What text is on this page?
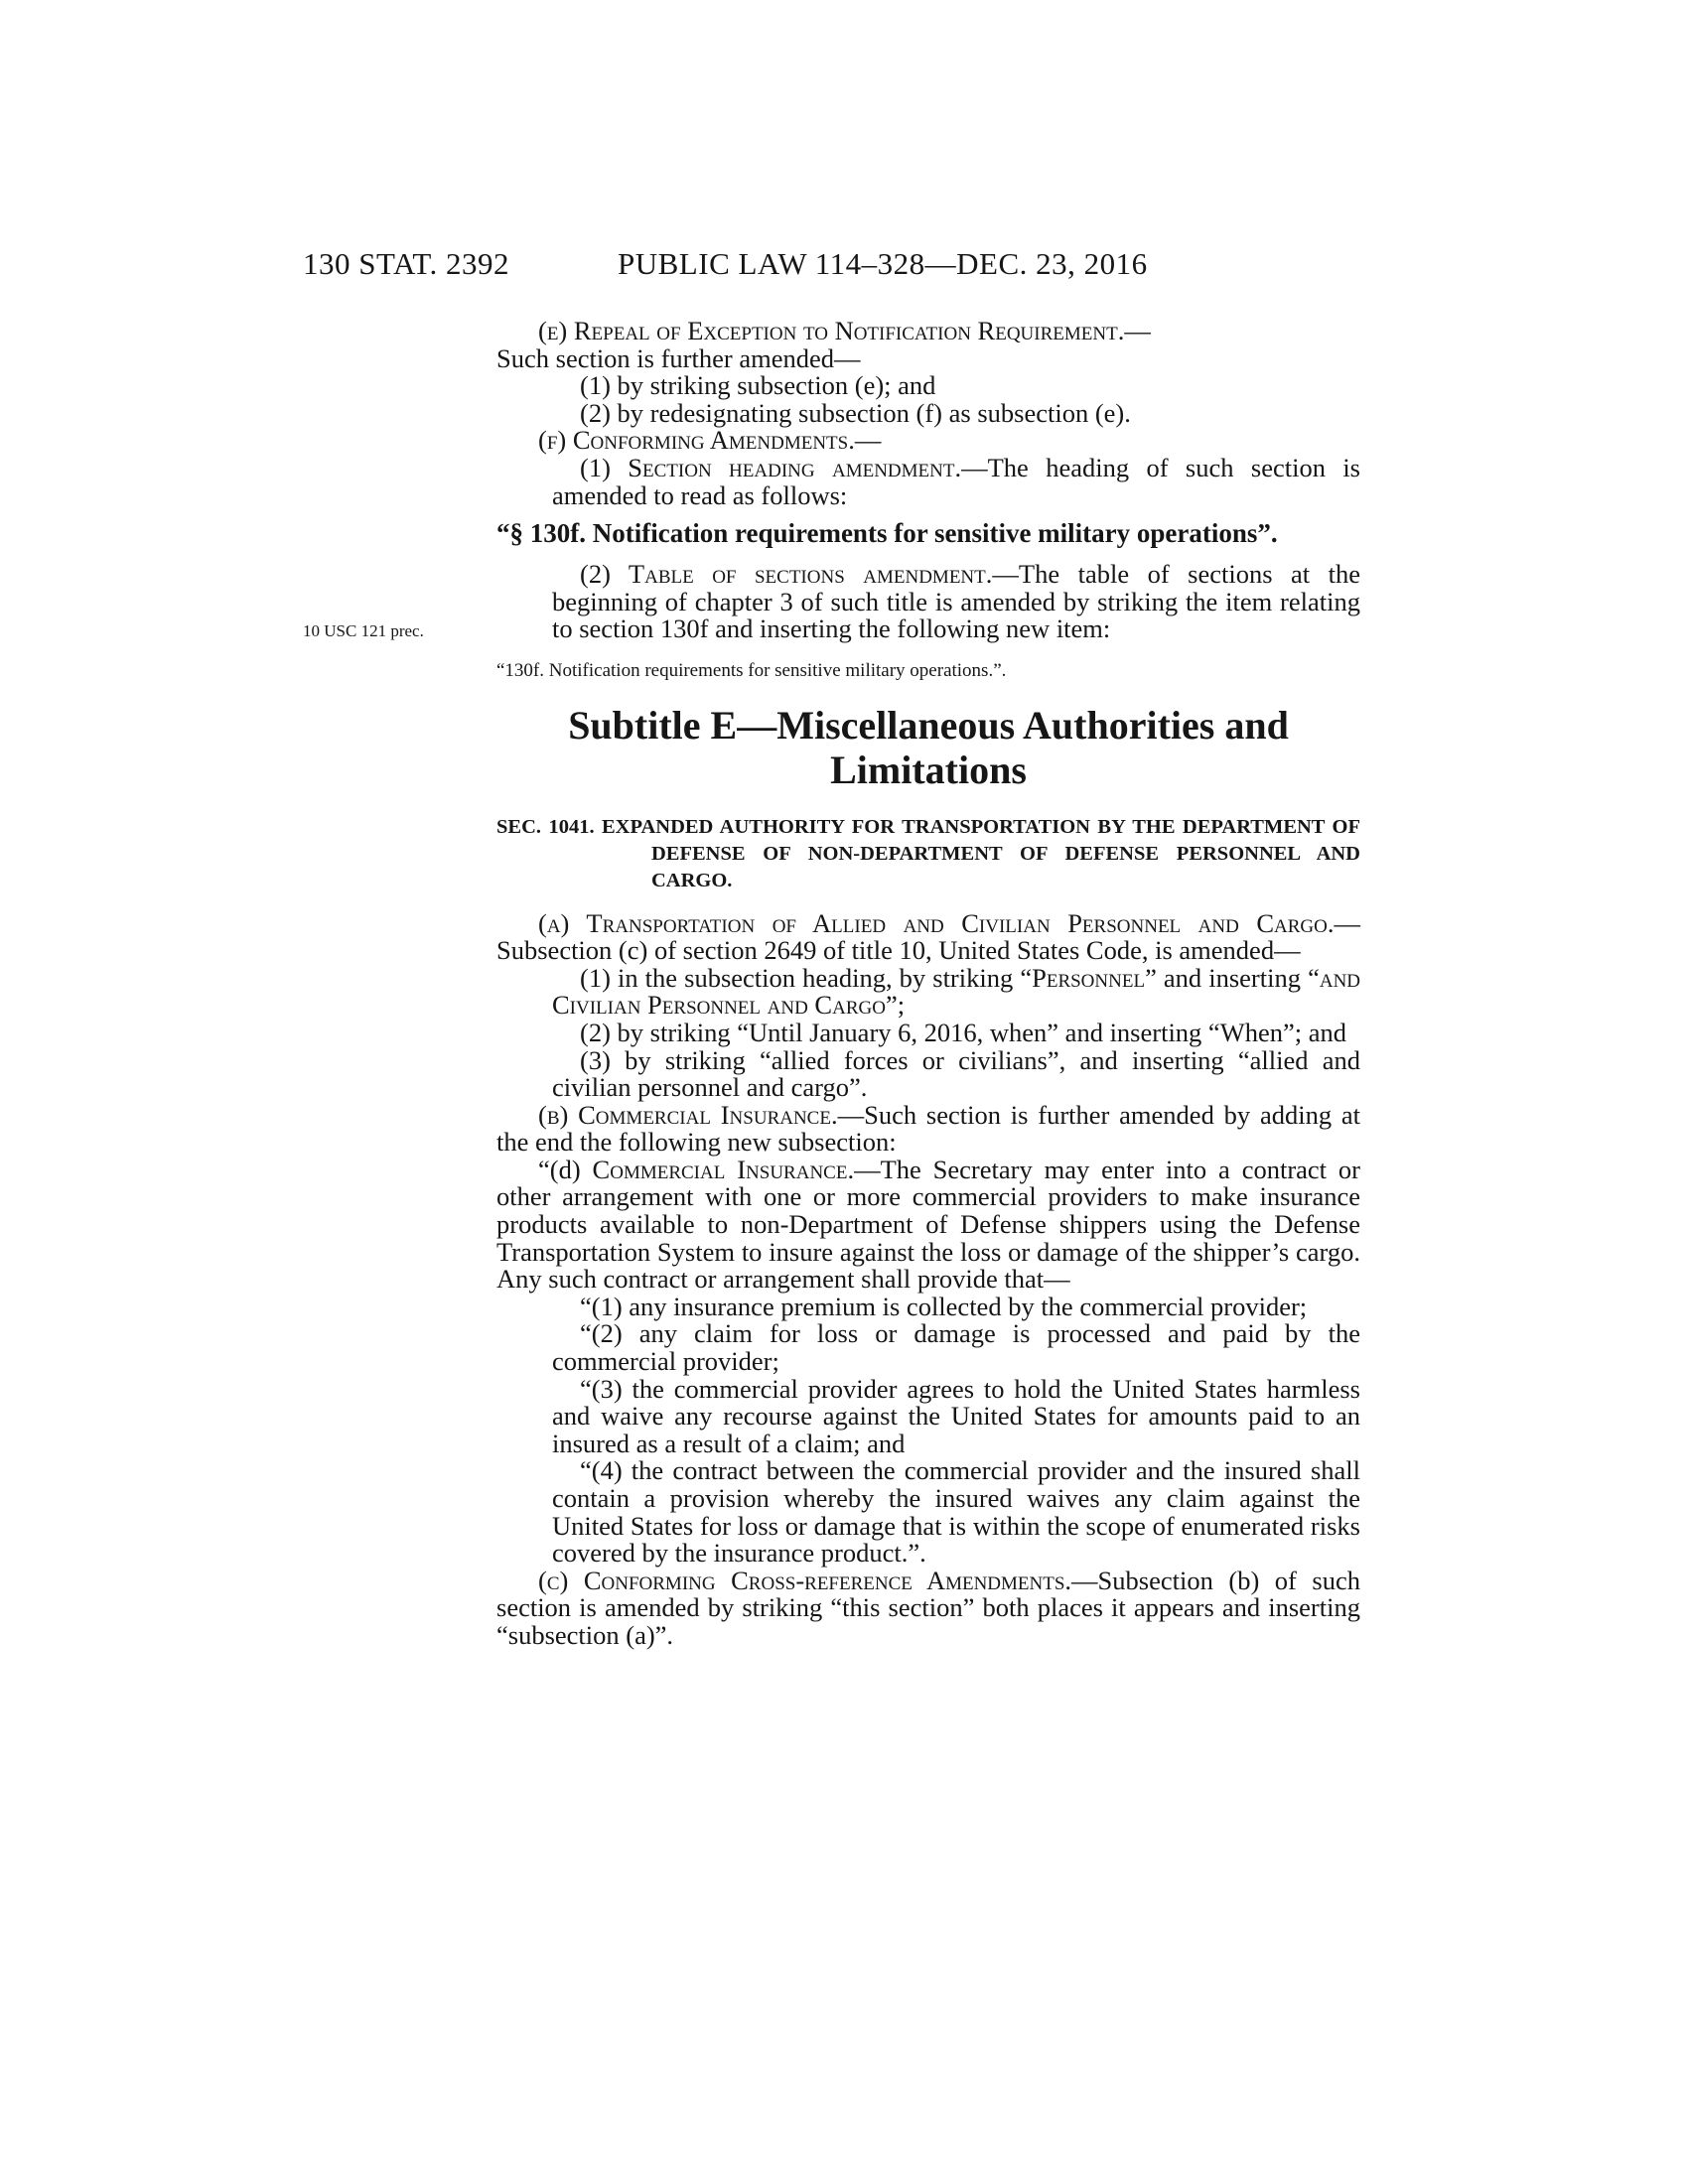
130 STAT. 2392	PUBLIC LAW 114–328—DEC. 23, 2016
10 USC 121 prec.

(e) Repeal of Exception to Notification Requirement.—
Such section is further amended—

(1) by striking subsection (e); and

(2) by redesignating subsection (f) as subsection (e).

(f) Conforming Amendments.—

(1) Section heading amendment.—The heading of such section is amended to read as follows:

“§ 130f. Notification requirements for sensitive military operations”.

(2) Table of sections amendment.—The table of sections at the beginning of chapter 3 of such title is amended by striking the item relating to section 130f and inserting the following new item:

“130f. Notification requirements for sensitive military operations.”.

Subtitle E—Miscellaneous Authorities and Limitations

SEC. 1041. EXPANDED AUTHORITY FOR TRANSPORTATION BY THE DEPARTMENT OF DEFENSE OF NON-DEPARTMENT OF DEFENSE PERSONNEL AND CARGO.

(a) Transportation of Allied and Civilian Personnel and Cargo.—Subsection (c) of section 2649 of title 10, United States Code, is amended—

(1) in the subsection heading, by striking “Personnel” and inserting “and Civilian Personnel and Cargo”;

(2) by striking “Until January 6, 2016, when” and inserting “When”; and

(3) by striking “allied forces or civilians”, and inserting “allied and civilian personnel and cargo”.

(b) Commercial Insurance.—Such section is further amended by adding at the end the following new subsection:

“(d) Commercial Insurance.—The Secretary may enter into a contract or other arrangement with one or more commercial providers to make insurance products available to non-Department of Defense shippers using the Defense Transportation System to insure against the loss or damage of the shipper’s cargo. Any such contract or arrangement shall provide that—

“(1) any insurance premium is collected by the commercial provider;

“(2) any claim for loss or damage is processed and paid by the commercial provider;

“(3) the commercial provider agrees to hold the United States harmless and waive any recourse against the United States for amounts paid to an insured as a result of a claim; and

“(4) the contract between the commercial provider and the insured shall contain a provision whereby the insured waives any claim against the United States for loss or damage that is within the scope of enumerated risks covered by the insurance product.”.

(c) Conforming Cross-reference Amendments.—Subsection (b) of such section is amended by striking “this section” both places it appears and inserting “subsection (a)”.
